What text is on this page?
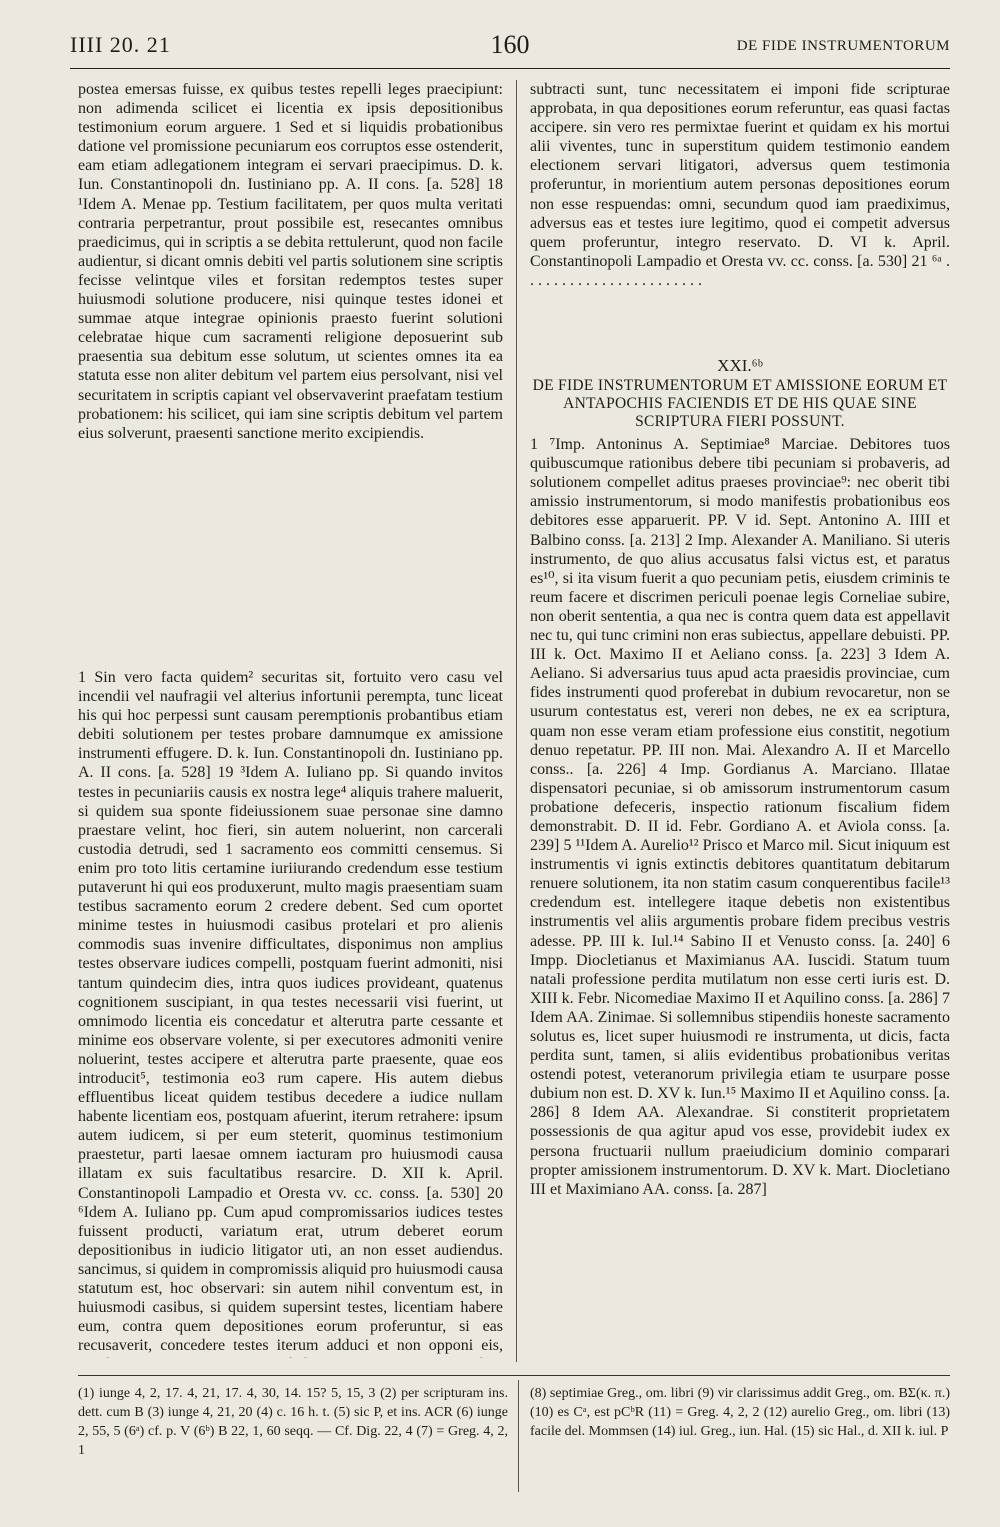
IIII 20. 21	160	DE FIDE INSTRUMENTORUM

postea emersas fuisse, ex quibus testes repelli leges praecipiunt: non adimenda scilicet ei licentia ex ipsis depositionibus testimonium eorum arguere. 1 Sed et si liquidis probationibus datione vel promissione pecuniarum eos corruptos esse ostenderit, eam etiam adlegationem integram ei servari praecipimus. D. k. Iun. Constantinopoli dn. Iustiniano pp. A. II cons. [a. 528] 18 ¹Idem A. Menae pp. Testium facilitatem, per quos multa veritati contraria perpetrantur, prout possibile est, resecantes omnibus praedicimus, qui in scriptis a se debita rettulerunt, quod non facile audientur, si dicant omnis debiti vel partis solutionem sine scriptis fecisse velintque viles et forsitan redemptos testes super huiusmodi solutione producere, nisi quinque testes idonei et summae atque integrae opinionis praesto fuerint solutioni celebratae hique cum sacramenti religione deposuerint sub praesentia sua debitum esse solutum, ut scientes omnes ita ea statuta esse non aliter debitum vel partem eius persolvant, nisi vel securitatem in scriptis capiant vel observaverint praefatam testium probationem: his scilicet, qui iam sine scriptis debitum vel partem eius solverunt, praesenti sanctione merito excipiendis.

1 Sin vero facta quidem² securitas sit, fortuito vero casu vel incendii vel naufragii vel alterius infortunii perempta, tunc liceat his qui hoc perpessi sunt causam peremptionis probantibus etiam debiti solutionem per testes probare damnumque ex amissione instrumenti effugere. D. k. Iun. Constantinopoli dn. Iustiniano pp. A. II cons. [a. 528] 19 ³Idem A. Iuliano pp. Si quando invitos testes in pecuniariis causis ex nostra lege⁴ aliquis trahere maluerit, si quidem sua sponte fideiussionem suae personae sine damno praestare velint, hoc fieri, sin autem noluerint, non carcerali custodia detrudi, sed 1 sacramento eos committi censemus. Si enim pro toto litis certamine iuriiurando credendum esse testium putaverunt hi qui eos produxerunt, multo magis praesentiam suam testibus sacramento eorum 2 credere debent. Sed cum oportet minime testes in huiusmodi casibus protelari et pro alienis commodis suas invenire difficultates, disponimus non amplius testes observare iudices compelli, postquam fuerint admoniti, nisi tantum quindecim dies, intra quos iudices provideant, quatenus cognitionem suscipiant, in qua testes necessarii visi fuerint, ut omnimodo licentia eis concedatur et alterutra parte cessante et minime eos observare volente, si per executores admoniti venire noluerint, testes accipere et alterutra parte praesente, quae eos introducit⁵, testimonia eo3 rum capere. His autem diebus effluentibus liceat quidem testibus decedere a iudice nullam habente licentiam eos, postquam afuerint, iterum retrahere: ipsum autem iudicem, si per eum steterit, quominus testimonium praestetur, parti laesae omnem iacturam pro huiusmodi causa illatam ex suis facultatibus resarcire. D. XII k. April. Constantinopoli Lampadio et Oresta vv. cc. conss. [a. 530] 20 ⁶Idem A. Iuliano pp. Cum apud compromissarios iudices testes fuissent producti, variatum erat, utrum deberet eorum depositionibus in iudicio litigator uti, an non esset audiendus. sancimus, si quidem in compromissis aliquid pro huiusmodi causa statutum est, hoc observari: sin autem nihil conventum est, in huiusmodi casibus, si quidem supersint testes, licentiam habere eum, contra quem depositiones eorum proferuntur, si eas recusaverit, concedere testes iterum adduci et non opponi eis,

subtracti sunt, tunc necessitatem ei imponi fide scripturae approbata, in qua depositiones eorum referuntur, eas quasi factas accipere. sin vero res permixtae fuerint et quidam ex his mortui alii viventes, tunc in superstitum quidem testimonio eandem electionem servari litigatori, adversus quem testimonia proferuntur, in morientium autem personas depositiones eorum non esse respuendas: omni, secundum quod iam praediximus, adversus eas et testes iure legitimo, quod ei competit adversus quem proferuntur, integro reservato. D. VI k. April. Constantinopoli Lampadio et Oresta vv. cc. conss. [a. 530] 21 ⁶ᵃ . . . . . . . . . . . . . . . . . . . . . . .

XXI.⁶ᵇ
DE FIDE INSTRUMENTORUM ET AMISSIONE EORUM ET ANTAPOCHIS FACIENDIS ET DE HIS QUAE SINE SCRIPTURA FIERI POSSUNT.

1 ⁷Imp. Antoninus A. Septimiae⁸ Marciae. Debitores tuos quibuscumque rationibus debere tibi pecuniam si probaveris, ad solutionem compellet aditus praeses provinciae⁹: nec oberit tibi amissio instrumentorum, si modo manifestis probationibus eos debitores esse apparuerit. PP. V id. Sept. Antonino A. IIII et Balbino conss. [a. 213] 2 Imp. Alexander A. Maniliano. Si uteris instrumento, de quo alius accusatus falsi victus est, et paratus es¹⁰, si ita visum fuerit a quo pecuniam petis, eiusdem criminis te reum facere et discrimen periculi poenae legis Corneliae subire, non oberit sententia, a qua nec is contra quem data est appellavit nec tu, qui tunc crimini non eras subiectus, appellare debuisti. PP. III k. Oct. Maximo II et Aeliano conss. [a. 223] 3 Idem A. Aeliano. Si adversarius tuus apud acta praesidis provinciae, cum fides instrumenti quod proferebat in dubium revocaretur, non se usurum contestatus est, vereri non debes, ne ex ea scriptura, quam non esse veram etiam professione eius constitit, negotium denuo repetatur. PP. III non. Mai. Alexandro A. II et Marcello conss.. [a. 226] 4 Imp. Gordianus A. Marciano. Illatae dispensatori pecuniae, si ob amissorum instrumentorum casum probatione defeceris, inspectio rationum fiscalium fidem demonstrabit. D. II id. Febr. Gordiano A. et Aviola conss. [a. 239] 5 ¹¹Idem A. Aurelio¹² Prisco et Marco mil. Sicut iniquum est instrumentis vi ignis extinctis debitores quantitatum debitarum renuere solutionem, ita non statim casum conquerentibus facile¹³ credendum est. intellegere itaque debetis non existentibus instrumentis vel aliis argumentis probare fidem precibus vestris adesse. PP. III k. Iul.¹⁴ Sabino II et Venusto conss. [a. 240] 6 Impp. Diocletianus et Maximianus AA. Iuscidi. Statum tuum natali professione perdita mutilatum non esse certi iuris est. D. XIII k. Febr. Nicomediae Maximo II et Aquilino conss. [a. 286] 7 Idem AA. Zinimae. Si sollemnibus stipendiis honeste sacramento solutus es, licet super huiusmodi re instrumenta, ut dicis, facta perdita sunt, tamen, si aliis evidentibus probationibus veritas ostendi potest, veteranorum privilegia etiam te usurpare posse dubium non est. D. XV k. Iun.¹⁵ Maximo II et Aquilino conss. [a. 286] 8 Idem AA. Alexandrae. Si constiterit proprietatem possessionis de qua agitur apud vos esse, providebit iudex ex persona fructuarii nullum praeiudicium dominio comparari propter amissionem instrumentorum. D. XV k. Mart. Diocletiano III et Maximiano AA. conss. [a. 287]

(1) iunge 4, 2, 17. 4, 21, 17. 4, 30, 14. 15? 5, 15, 3 (2) per scripturam ins. dett. cum B (3) iunge 4, 21, 20 (4) c. 16 h. t. (5) sic P, et ins. ACR (6) iunge 2, 55, 5 (6ᵃ) cf. p. V (6ᵇ) B 22, 1, 60 seqq. — Cf. Dig. 22, 4 (7) = Greg. 4, 2, 1
(8) septimiae Greg., om. libri (9) vir clarissimus addit Greg., om. BΣ(κ. π.) (10) es Cᵃ, est pCᵇR (11) = Greg. 4, 2, 2 (12) aurelio Greg., om. libri (13) facile del. Mommsen (14) iul. Greg., iun. Hal. (15) sic Hal., d. XII k. iul. P
